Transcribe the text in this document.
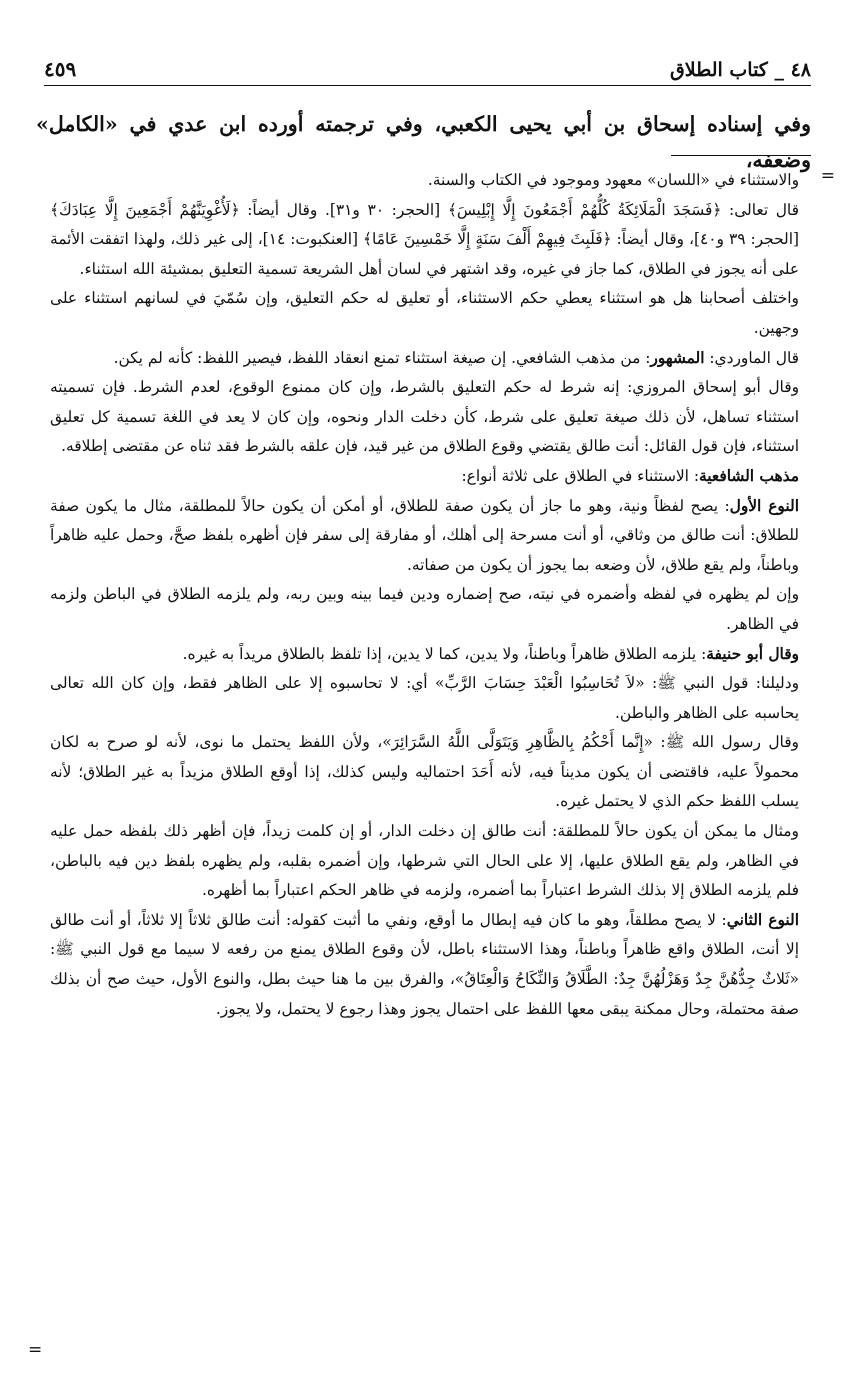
٤٨ _ كتاب الطلاق
٤٥٩
وفي إسناده إسحاق بن أبي يحيى الكعبي، وفي ترجمته أورده ابن عدي في «الكامل» وضعفه،
=

والاستثناء في «اللسان» معهود وموجود في الكتاب والسنة.

قال تعالى: ﴿فَسَجَدَ الْمَلَائِكَةُ كُلُّهُمْ أَجْمَعُونَ إِلَّا إِبْلِيسَ﴾ [الحجر: ٣٠ و٣١]. وقال أيضاً: ﴿لَأُغْوِيَنَّهُمْ أَجْمَعِينَ إِلَّا عِبَادَكَ﴾ [الحجر: ٣٩ و٤٠]، وقال أيضاً: ﴿فَلَبِثَ فِيهِمْ أَلْفَ سَنَةٍ إِلَّا خَمْسِينَ عَامًا﴾ [العنكبوت: ١٤]، إلى غير ذلك، ولهذا اتفقت الأئمة على أنه يجوز في الطلاق، كما جاز في غيره، وقد اشتهر في لسان أهل الشريعة تسمية التعليق بمشيئة الله استثناء.

واختلف أصحابنا هل هو استثناء يعطي حكم الاستثناء، أو تعليق له حكم التعليق، وإن سُمّيَ في لسانهم استثناء على وجهين.

قال الماوردي: المشهور: من مذهب الشافعي. إن صيغة استثناء تمنع انعقاد اللفظ، فيصير اللفظ: كأنه لم يكن.

وقال أبو إسحاق المروزي: إنه شرط له حكم التعليق بالشرط، وإن كان ممنوع الوقوع، لعدم الشرط. فإن تسميته استثناء تساهل، لأن ذلك صيغة تعليق على شرط، كأن دخلت الدار ونحوه، وإن كان لا يعد في اللغة تسمية كل تعليق استثناء، فإن قول القائل: أنت طالق يقتضي وقوع الطلاق من غير قيد، فإن علقه بالشرط فقد ثناه عن مقتضى إطلاقه.

مذهب الشافعية: الاستثناء في الطلاق على ثلاثة أنواع:

النوع الأول: يصح لفظاً ونية، وهو ما جاز أن يكون صفة للطلاق، أو أمكن أن يكون حالاً للمطلقة، مثال ما يكون صفة للطلاق: أنت طالق من وثاقي، أو أنت مسرحة إلى أهلك، أو مفارقة إلى سفر فإن أظهره بلفظ صحَّ، وحمل عليه ظاهراً وباطناً، ولم يقع طلاق، لأن وضعه بما يجوز أن يكون من صفاته.

وإن لم يظهره في لفظه وأضمره في نيته، صح إضماره ودين فيما بينه وبين ربه، ولم يلزمه الطلاق في الباطن ولزمه في الظاهر.

وقال أبو حنيفة: يلزمه الطلاق ظاهراً وباطناً، ولا يدين، كما لا يدين، إذا تلفظ بالطلاق مريداً به غيره.

ودليلنا: قول النبي ﷺ: «لاَ تُحَاسِبُوا الْعَبْدَ حِسَابَ الرَّبِّ» أي: لا تحاسبوه إلا على الظاهر فقط، وإن كان الله تعالى يحاسبه على الظاهر والباطن.

وقال رسول الله ﷺ: «إِنَّما أَحْكُمُ بِالظَّاهِرِ وَيَتَوَلَّى اللَّهُ السَّرَائِرَ»، ولأن اللفظ يحتمل ما نوى، لأنه لو صرح به لكان محمولاً عليه، فاقتضى أن يكون مديناً فيه، لأنه أَحَدَ احتماليه وليس كذلك، إذا أوقع الطلاق مزيداً به غير الطلاق؛ لأنه يسلب اللفظ حكم الذي لا يحتمل غيره.

ومثال ما يمكن أن يكون حالاً للمطلقة: أنت طالق إن دخلت الدار، أو إن كلمت زيداً، فإن أظهر ذلك بلفظه حمل عليه في الظاهر، ولم يقع الطلاق عليها، إلا على الحال التي شرطها، وإن أضمره بقلبه، ولم يظهره بلفظ دين فيه بالباطن، فلم يلزمه الطلاق إلا بذلك الشرط اعتباراً بما أضمره، ولزمه في ظاهر الحكم اعتباراً بما أظهره.

النوع الثاني: لا يصح مطلقاً، وهو ما كان فيه إبطال ما أوقع، ونفي ما أثبت كقوله: أنت طالق ثلاثاً إلا ثلاثاً، أو أنت طالق إلا أنت، الطلاق واقع ظاهراً وباطناً، وهذا الاستثناء باطل، لأن وقوع الطلاق يمنع من رفعه لا سيما مع قول النبي ﷺ: «ثَلاثٌ جِدُّهُنَّ جِدٌ وَهَزْلُهُنَّ جِدٌ: الطَّلَاقُ وَالنِّكَاحُ وَالْعِتَاقُ»، والفرق بين ما هنا حيث بطل، والنوع الأول، حيث صح أن بذلك صفة محتملة، وحال ممكنة يبقى معها اللفظ على احتمال يجوز وهذا رجوع لا يحتمل، ولا يجوز.

=
